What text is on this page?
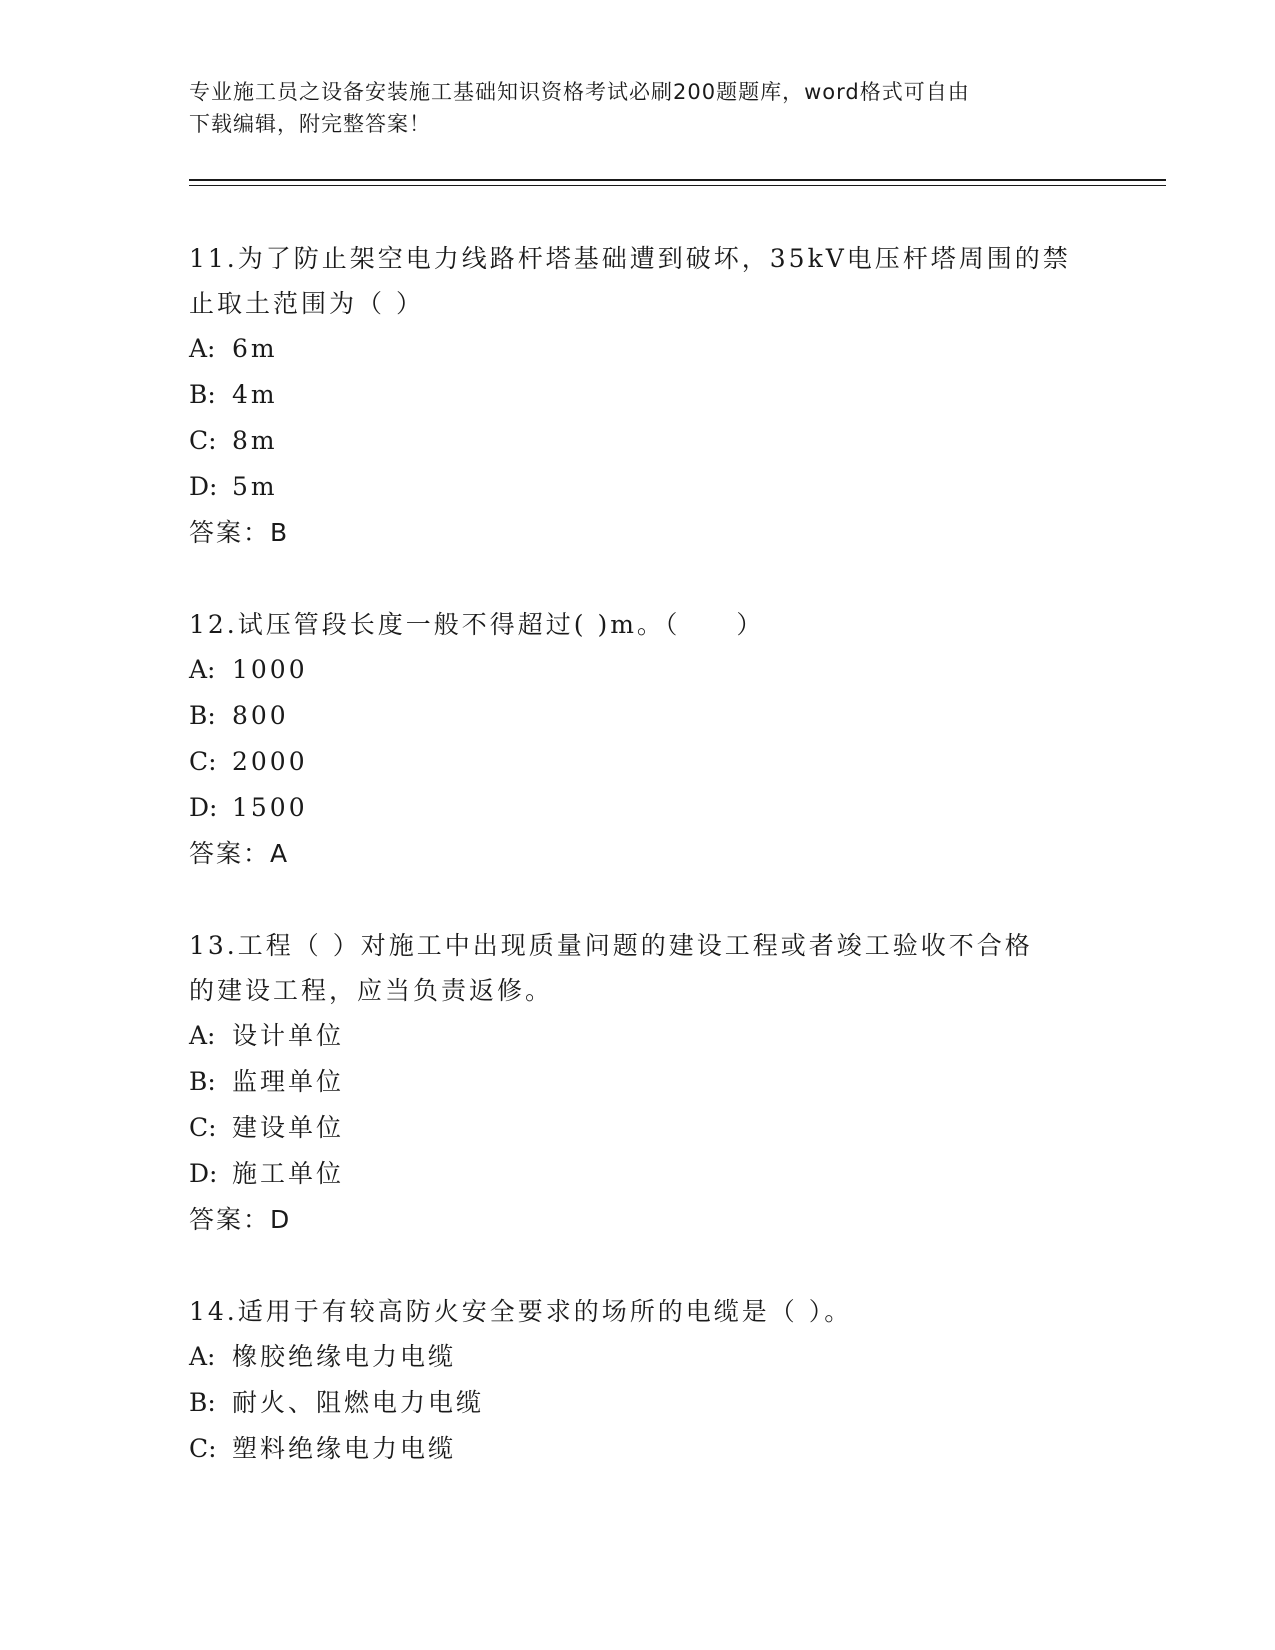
专业施工员之设备安装施工基础知识资格考试必刷200题题库，word格式可自由
下载编辑，附完整答案！
11.为了防止架空电力线路杆塔基础遭到破坏，35kV电压杆塔周围的禁
止取土范围为（ ）
A: 6m
B: 4m
C: 8m
D: 5m
答案：B
12.试压管段长度一般不得超过( )m。（　　）
A: 1000
B: 800
C: 2000
D: 1500
答案：A
13.工程（ ）对施工中出现质量问题的建设工程或者竣工验收不合格
的建设工程，应当负责返修。
A: 设计单位
B: 监理单位
C: 建设单位
D: 施工单位
答案：D
14.适用于有较高防火安全要求的场所的电缆是（ ）。
A: 橡胶绝缘电力电缆
B: 耐火、阻燃电力电缆
C: 塑料绝缘电力电缆
